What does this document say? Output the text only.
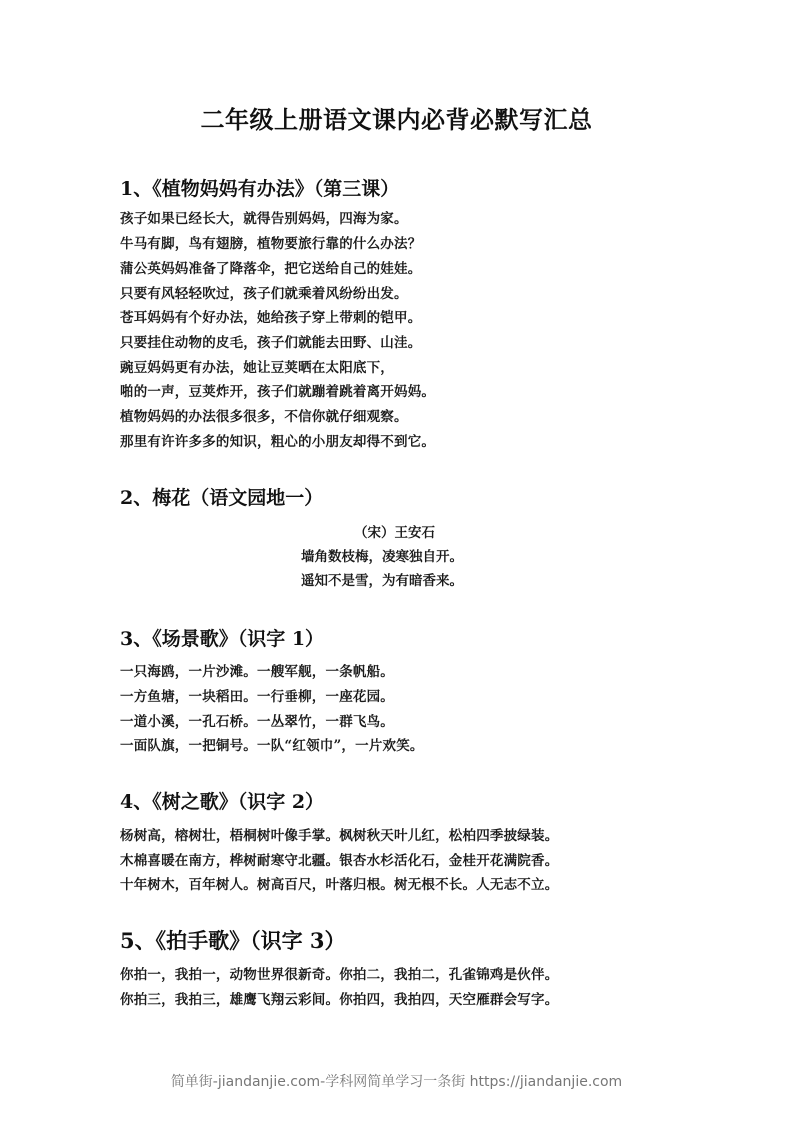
二年级上册语文课内必背必默写汇总
1、《植物妈妈有办法》（第三课）
孩子如果已经长大，就得告别妈妈，四海为家。
牛马有脚，鸟有翅膀，植物要旅行靠的什么办法？
蒲公英妈妈准备了降落伞，把它送给自己的娃娃。
只要有风轻轻吹过，孩子们就乘着风纷纷出发。
苍耳妈妈有个好办法，她给孩子穿上带刺的铠甲。
只要挂住动物的皮毛，孩子们就能去田野、山洼。
豌豆妈妈更有办法，她让豆荚晒在太阳底下，
啪的一声，豆荚炸开，孩子们就蹦着跳着离开妈妈。
植物妈妈的办法很多很多，不信你就仔细观察。
那里有许许多多的知识，粗心的小朋友却得不到它。
2、梅花（语文园地一）
（宋）王安石
墙角数枝梅，凌寒独自开。
遥知不是雪，为有暗香来。
3、《场景歌》（识字 1）
一只海鸥，一片沙滩。一艘军舰，一条帆船。
一方鱼塘，一块稻田。一行垂柳，一座花园。
一道小溪，一孔石桥。一丛翠竹，一群飞鸟。
一面队旗，一把铜号。一队“红领巾”，一片欢笑。
4、《树之歌》（识字 2）
杨树高，榕树壮，梧桐树叶像手掌。枫树秋天叶儿红，松柏四季披绿装。
木棉喜暖在南方，桦树耐寒守北疆。银杏水杉活化石，金桂开花满院香。
十年树木，百年树人。树高百尺，叶落归根。树无根不长。人无志不立。
5、《拍手歌》（识字 3）
你拍一，我拍一，动物世界很新奇。你拍二，我拍二，孔雀锦鸡是伙伴。
你拍三，我拍三，雄鹰飞翔云彩间。你拍四，我拍四，天空雁群会写字。
简单街-jiandanjie.com-学科网简单学习一条街 https://jiandanjie.com
